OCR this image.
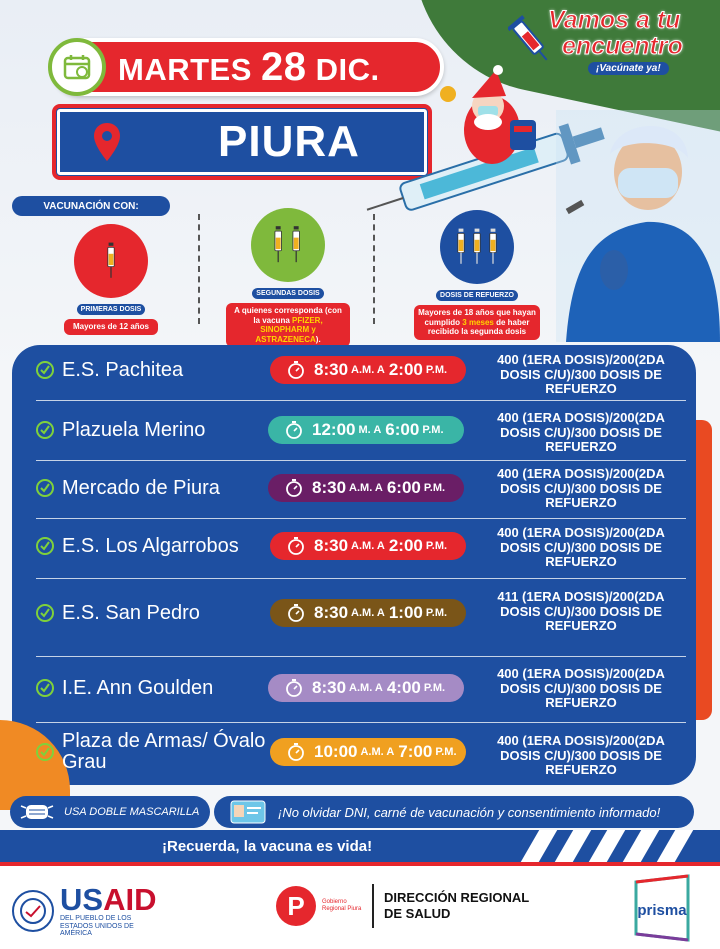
Vamos a tu
encuentro
¡Vacúnate ya!
MARTES 28 DIC.
PIURA
VACUNACIÓN CON:
PRIMERAS DOSIS
Mayores de 12 años
SEGUNDAS DOSIS
A quienes corresponda (con la vacuna PFIZER, SINOPHARM y ASTRAZENECA).
DOSIS DE REFUERZO
Mayores de 18 años que hayan cumplido 3 meses de haber recibido la segunda dosis
E.S. Pachitea	8:30 A.M. A 2:00 P.M.
400 (1ERA DOSIS)/200(2DA DOSIS C/U)/300 DOSIS DE REFUERZO
Plazuela Merino	12:00 M. A 6:00 P.M.
400 (1ERA DOSIS)/200(2DA DOSIS C/U)/300 DOSIS DE REFUERZO
Mercado de Piura	8:30 A.M. A 6:00 P.M.
400 (1ERA DOSIS)/200(2DA DOSIS C/U)/300 DOSIS DE REFUERZO
E.S. Los Algarrobos	8:30 A.M. A 2:00 P.M.
400 (1ERA DOSIS)/200(2DA DOSIS C/U)/300 DOSIS DE REFUERZO
E.S. San Pedro	8:30 A.M. A 1:00 P.M.
411 (1ERA DOSIS)/200(2DA DOSIS C/U)/300 DOSIS DE REFUERZO
I.E. Ann Goulden	8:30 A.M. A 4:00 P.M.
400 (1ERA DOSIS)/200(2DA DOSIS C/U)/300 DOSIS DE REFUERZO
Plaza de Armas/ Óvalo Grau	10:00 A.M. A 7:00 P.M.
400 (1ERA DOSIS)/200(2DA DOSIS C/U)/300 DOSIS DE REFUERZO
USA DOBLE MASCARILLA	¡No olvidar DNI, carné de vacunación y consentimiento informado!
¡Recuerda, la vacuna es vida!
USAID
DEL PUEBLO DE LOS ESTADOS UNIDOS DE AMÉRICA
P	Gobierno Regional Piura
DIRECCIÓN REGIONAL
DE SALUD	prisma
